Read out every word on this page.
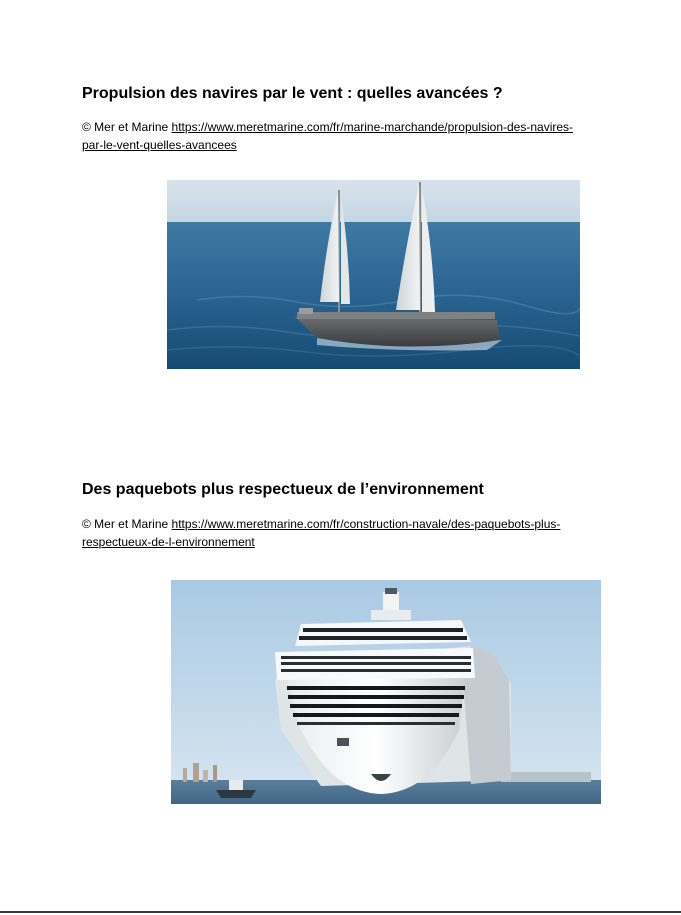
Propulsion des navires par le vent : quelles avancées ?

© Mer et Marine https://www.meretmarine.com/fr/marine-marchande/propulsion-des-navires-par-le-vent-quelles-avancees

Des paquebots plus respectueux de l’environnement

© Mer et Marine https://www.meretmarine.com/fr/construction-navale/des-paquebots-plus-respectueux-de-l-environnement
